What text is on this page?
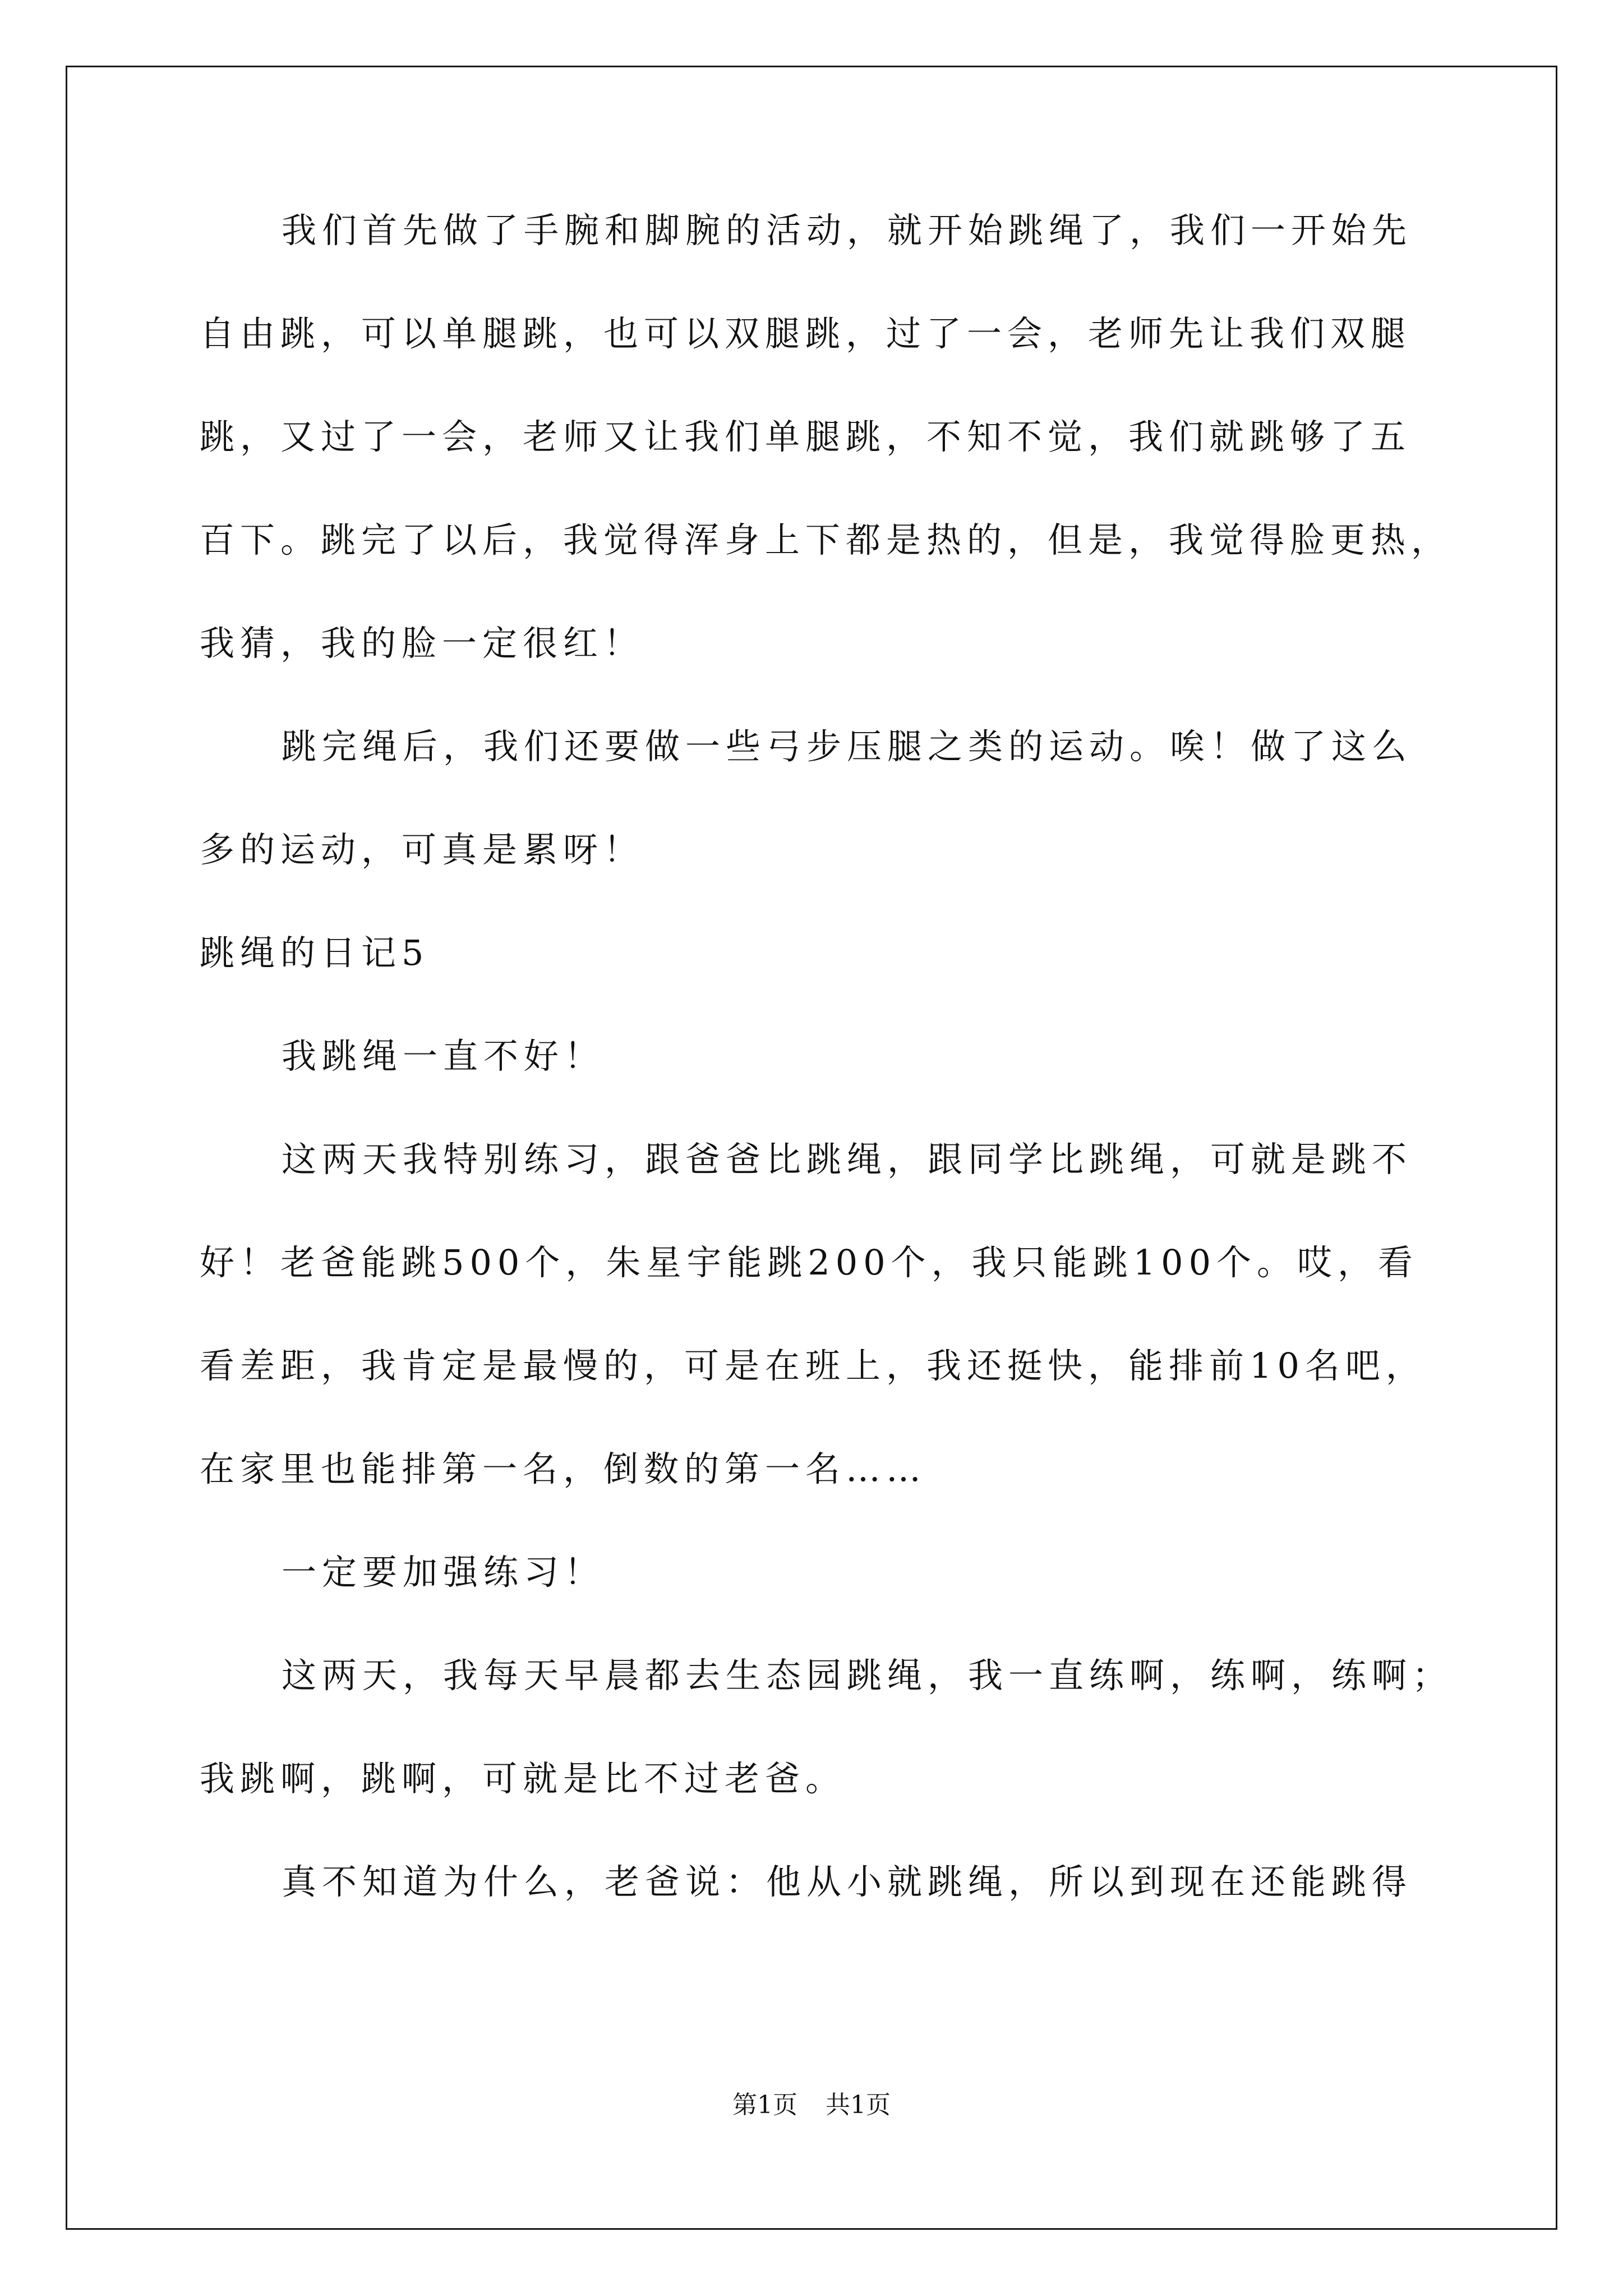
我们首先做了手腕和脚腕的活动，就开始跳绳了，我们一开始先
自由跳，可以单腿跳，也可以双腿跳，过了一会，老师先让我们双腿
跳，又过了一会，老师又让我们单腿跳，不知不觉，我们就跳够了五
百下。跳完了以后，我觉得浑身上下都是热的，但是，我觉得脸更热，
我猜，我的脸一定很红！
跳完绳后，我们还要做一些弓步压腿之类的运动。唉！做了这么
多的运动，可真是累呀！
跳绳的日记5
我跳绳一直不好！
这两天我特别练习，跟爸爸比跳绳，跟同学比跳绳，可就是跳不
好！老爸能跳500个，朱星宇能跳200个，我只能跳100个。哎，看
看差距，我肯定是最慢的，可是在班上，我还挺快，能排前10名吧，
在家里也能排第一名，倒数的第一名……
一定要加强练习！
这两天，我每天早晨都去生态园跳绳，我一直练啊，练啊，练啊；
我跳啊，跳啊，可就是比不过老爸。
真不知道为什么，老爸说：他从小就跳绳，所以到现在还能跳得
第1页 共1页
